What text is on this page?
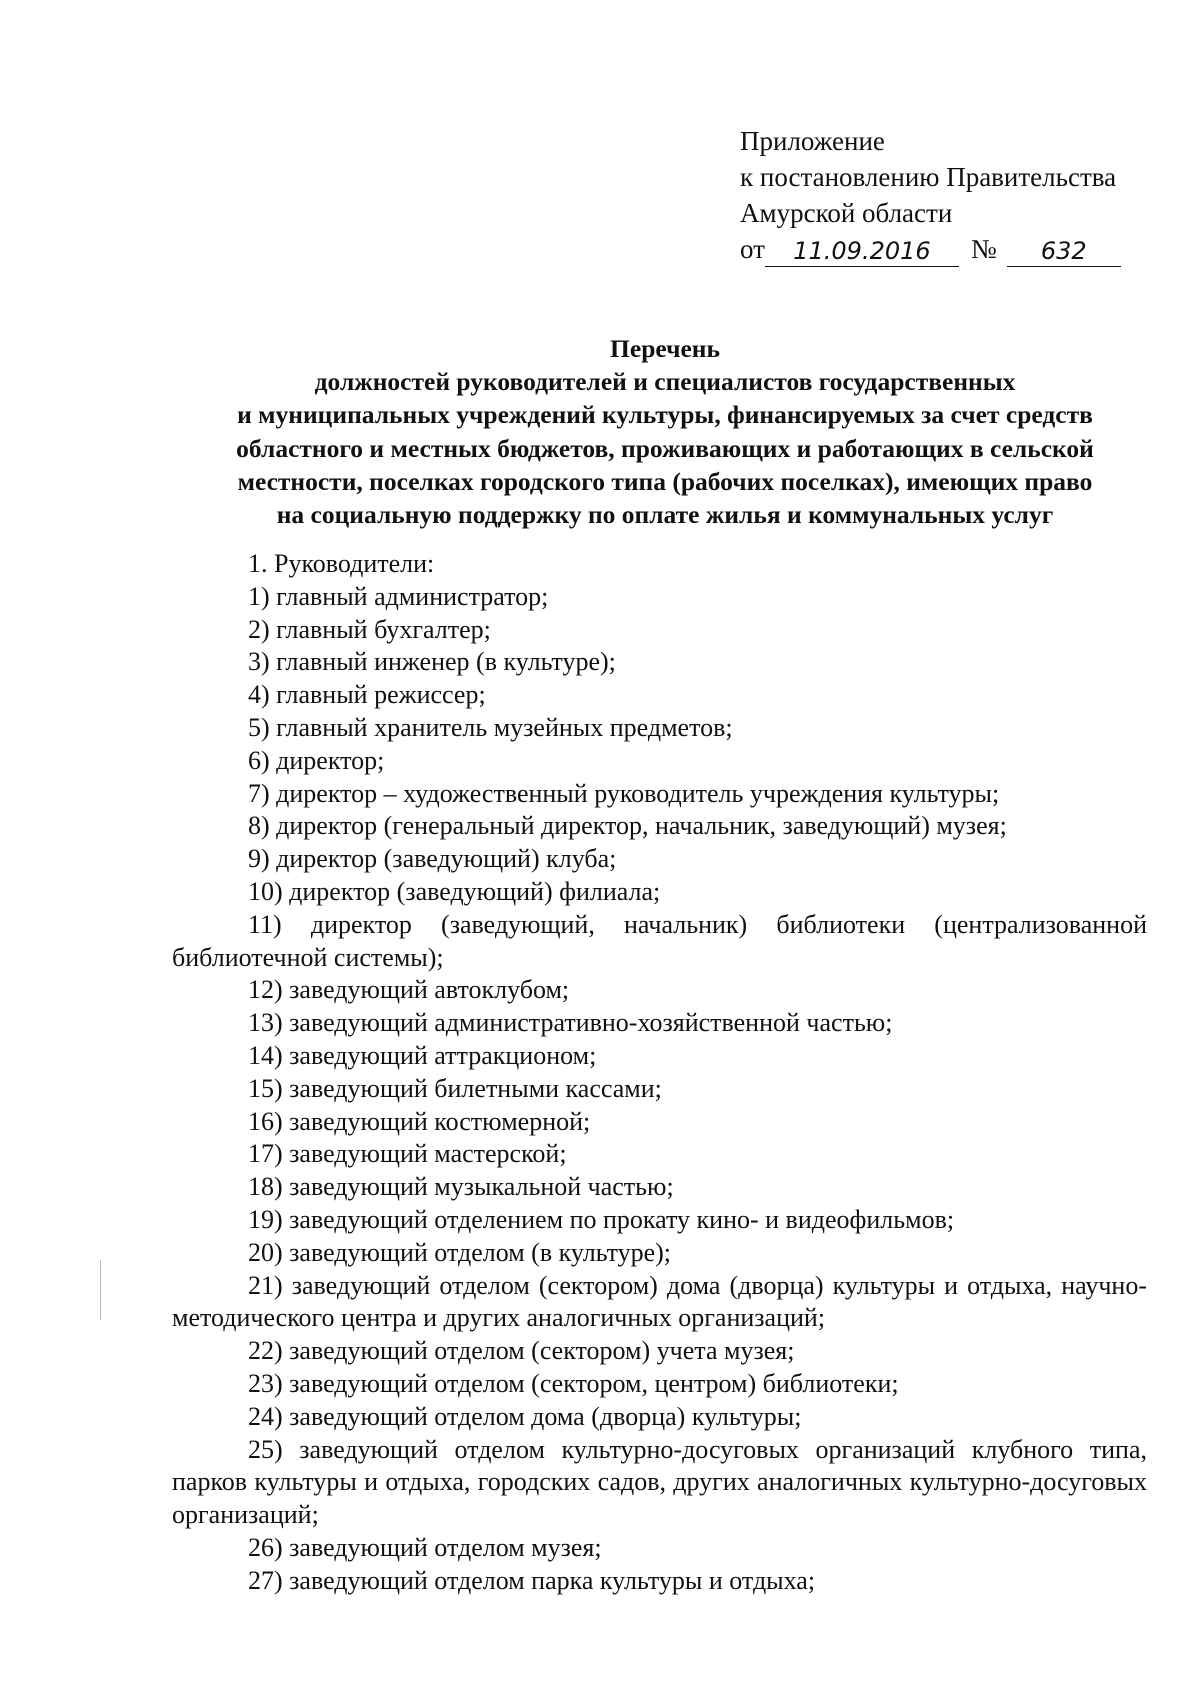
Приложение
к постановлению Правительства
Амурской области
от	11.09.2016	№	632
Перечень
должностей руководителей и специалистов государственных
и муниципальных учреждений культуры, финансируемых за счет средств
областного и местных бюджетов, проживающих и работающих в сельской
местности, поселках городского типа (рабочих поселках), имеющих право
на социальную поддержку по оплате жилья и коммунальных услуг
1. Руководители:
1) главный администратор;
2) главный бухгалтер;
3) главный инженер (в культуре);
4) главный режиссер;
5) главный хранитель музейных предметов;
6) директор;
7) директор – художественный руководитель учреждения культуры;
8) директор (генеральный директор, начальник, заведующий) музея;
9) директор (заведующий) клуба;
10) директор (заведующий) филиала;
11) директор (заведующий, начальник) библиотеки (централизованной библиотечной системы);
12) заведующий автоклубом;
13) заведующий административно-хозяйственной частью;
14) заведующий аттракционом;
15) заведующий билетными кассами;
16) заведующий костюмерной;
17) заведующий мастерской;
18) заведующий музыкальной частью;
19) заведующий отделением по прокату кино- и видеофильмов;
20) заведующий отделом (в культуре);
21) заведующий отделом (сектором) дома (дворца) культуры и отдыха, научно-методического центра и других аналогичных организаций;
22) заведующий отделом (сектором) учета музея;
23) заведующий отделом (сектором, центром) библиотеки;
24) заведующий отделом дома (дворца) культуры;
25) заведующий отделом культурно-досуговых организаций клубного типа, парков культуры и отдыха, городских садов, других аналогичных культурно-досуговых организаций;
26) заведующий отделом музея;
27) заведующий отделом парка культуры и отдыха;
